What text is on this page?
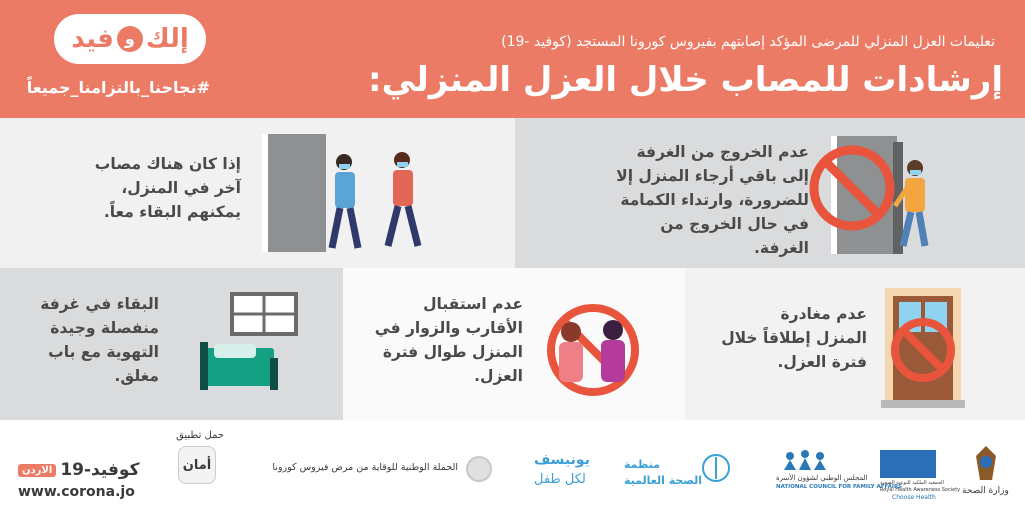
إلك
و
فيد
#نجاحنا_بالتزامنا_جميعاً
تعليمات العزل المنزلي للمرضى المؤكد إصابتهم بفيروس كورونا المستجد (كوفيد -19)
إرشادات للمصاب خلال العزل المنزلي:
عدم الخروج من الغرفة
إلى باقي أرجاء المنزل إلا
للضرورة، وارتداء الكمامة
في حال الخروج من
الغرفة.
إذا كان هناك مصاب
آخر في المنزل،
يمكنهم البقاء معاً.
عدم مغادرة
المنزل إطلاقاً خلال
فترة العزل.
عدم استقبال
الأقارب والزوار في
المنزل طوال فترة
العزل.
البقاء في غرفة
منفصلة وجيدة
التهوية مع باب
مغلق.
الاردن كوفيد-19
www.corona.jo
حمل تطبيق
أمان	الحملة الوطنية للوقاية من مرض فيروس كورونا	يونيسف
لكل طفل
منظمة
الصحة العالمية	المجلس الوطني لشؤون الأسرة
NATIONAL COUNCIL FOR FAMILY AFFAIRS
الجمعية الملكية للتوعية الصحية
Royal Health Awareness Society
Choose Health
وزارة الصحة
